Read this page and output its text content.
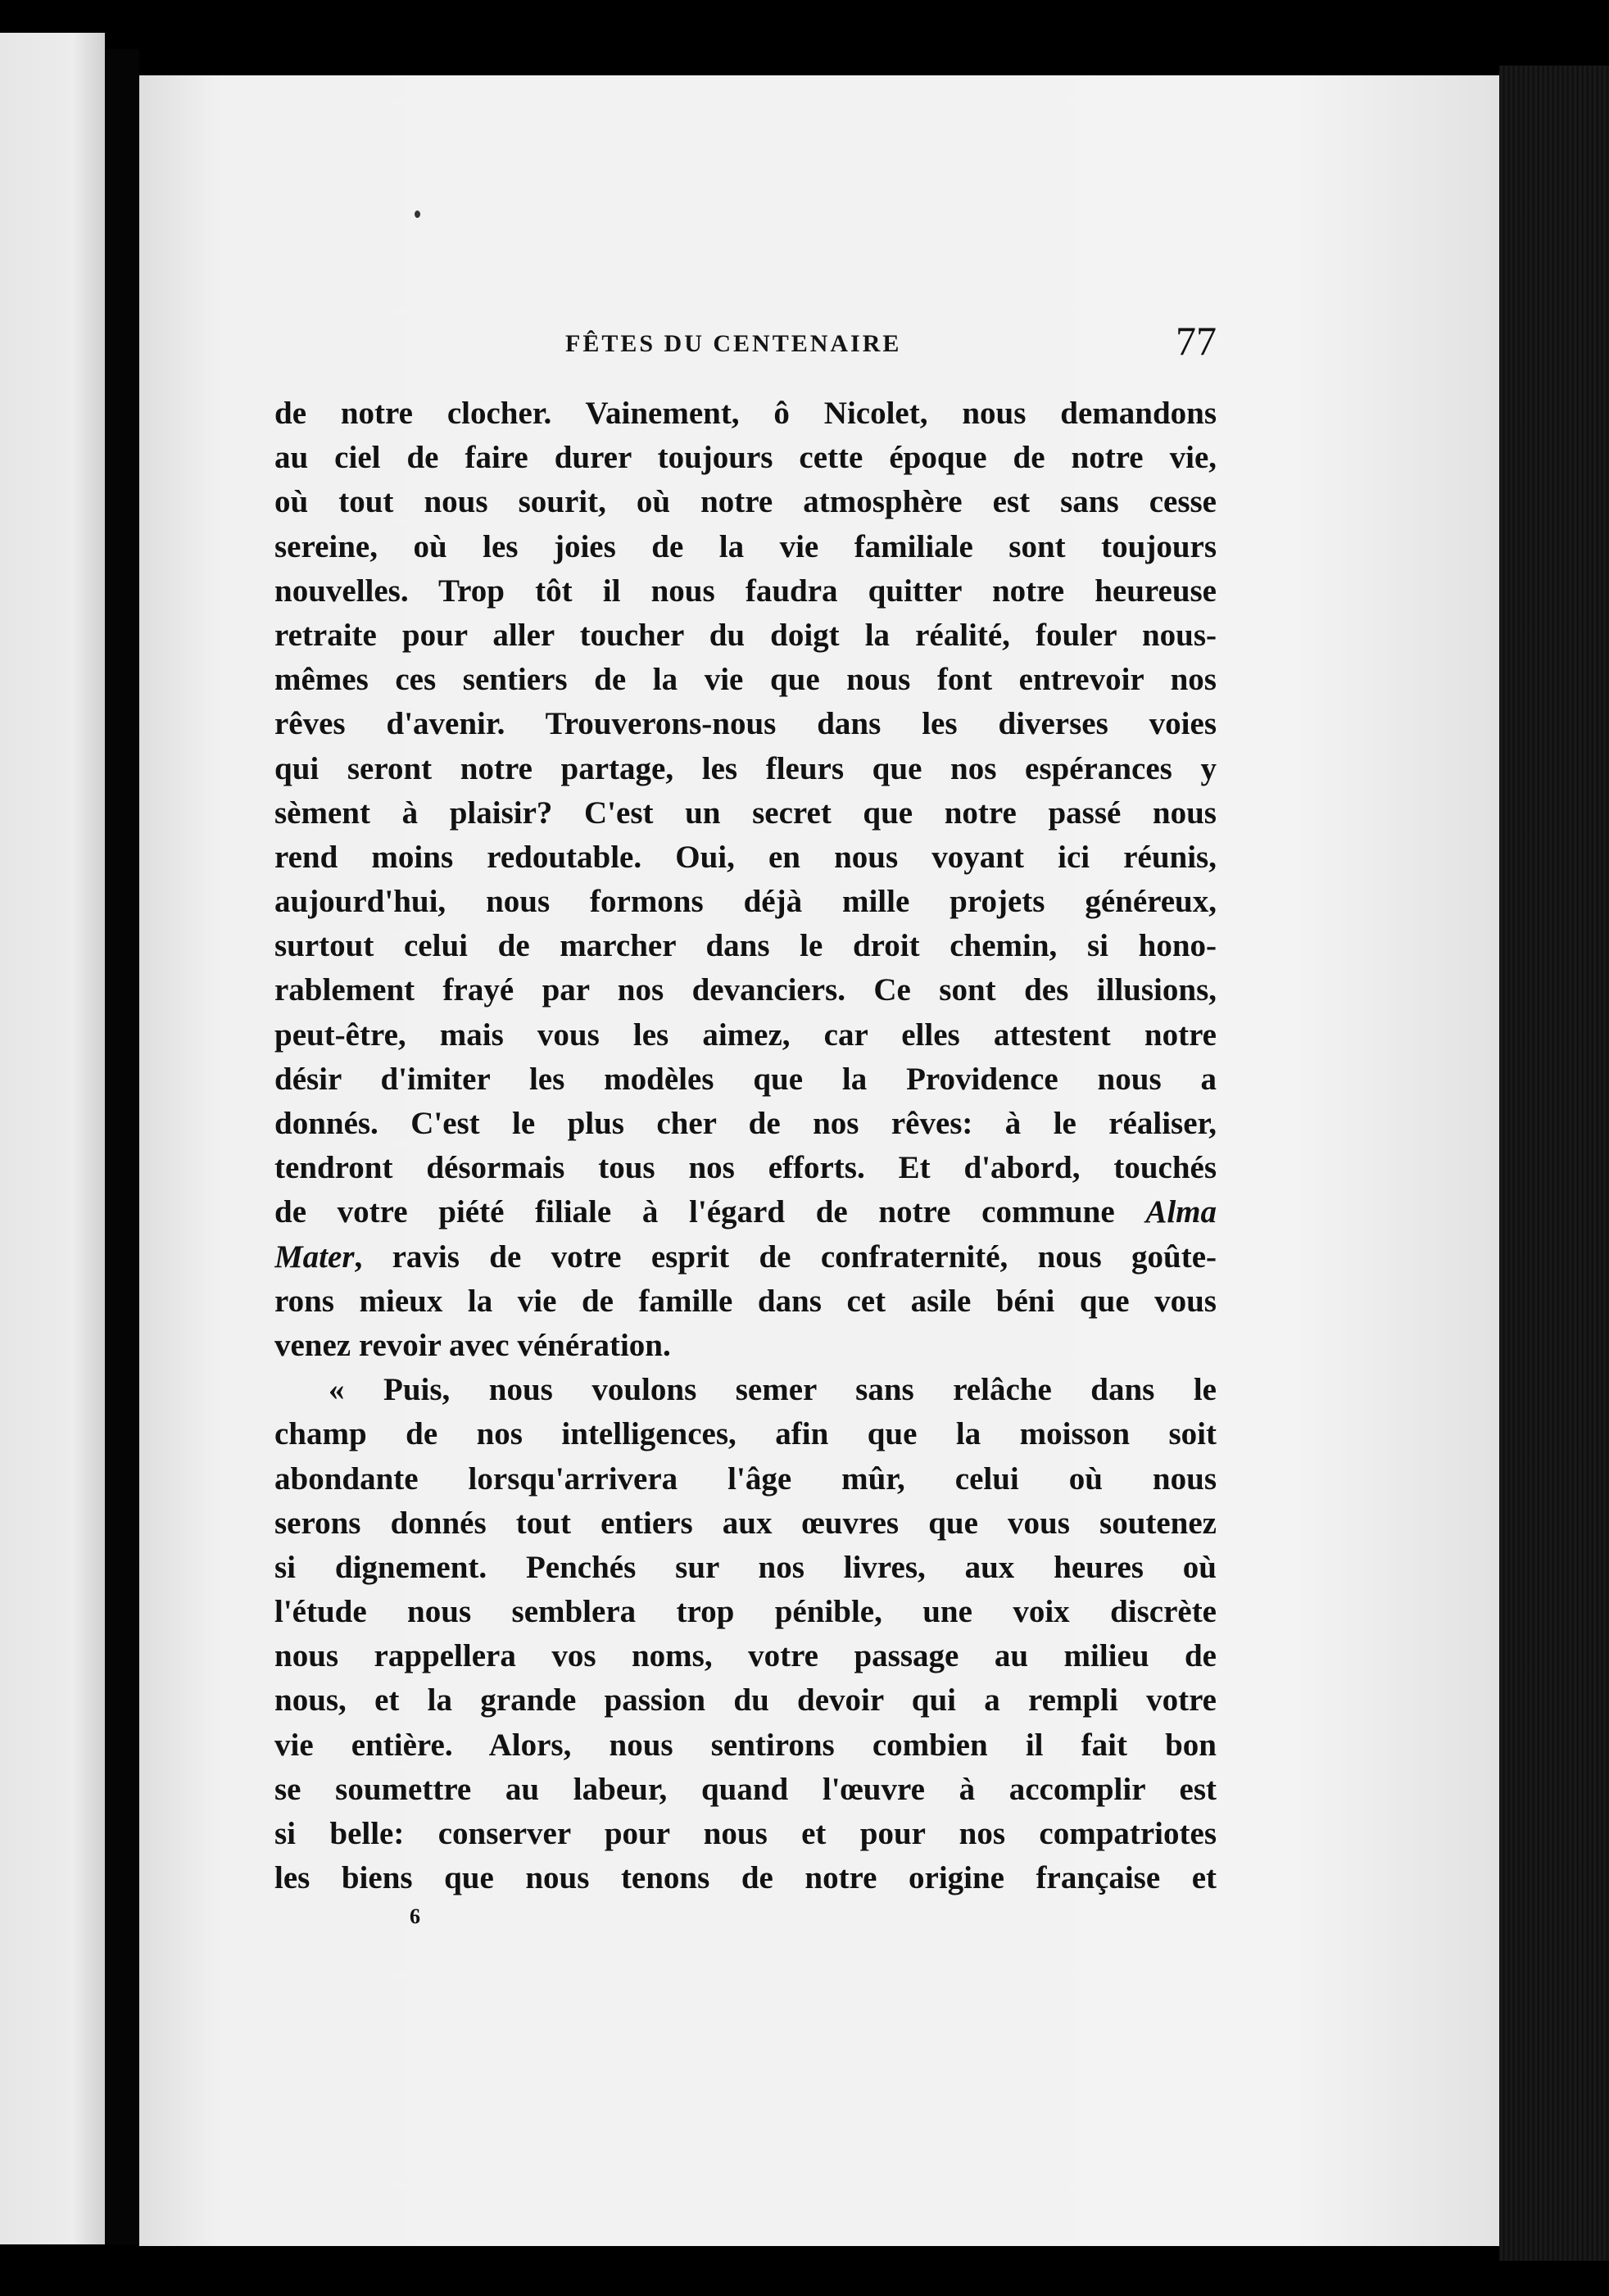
FÊTES DU CENTENAIRE	77
de notre clocher. Vainement, ô Nicolet, nous demandons
au ciel de faire durer toujours cette époque de notre vie,
où tout nous sourit, où notre atmosphère est sans cesse
sereine, où les joies de la vie familiale sont toujours
nouvelles. Trop tôt il nous faudra quitter notre heureuse
retraite pour aller toucher du doigt la réalité, fouler nous-
mêmes ces sentiers de la vie que nous font entrevoir nos
rêves d'avenir. Trouverons-nous dans les diverses voies
qui seront notre partage, les fleurs que nos espérances y
sèment à plaisir? C'est un secret que notre passé nous
rend moins redoutable. Oui, en nous voyant ici réunis,
aujourd'hui, nous formons déjà mille projets généreux,
surtout celui de marcher dans le droit chemin, si hono-
rablement frayé par nos devanciers. Ce sont des illusions,
peut-être, mais vous les aimez, car elles attestent notre
désir d'imiter les modèles que la Providence nous a
donnés. C'est le plus cher de nos rêves: à le réaliser,
tendront désormais tous nos efforts. Et d'abord, touchés
de votre piété filiale à l'égard de notre commune Alma
Mater, ravis de votre esprit de confraternité, nous goûte-
rons mieux la vie de famille dans cet asile béni que vous
venez revoir avec vénération.
« Puis, nous voulons semer sans relâche dans le
champ de nos intelligences, afin que la moisson soit
abondante lorsqu'arrivera l'âge mûr, celui où nous
serons donnés tout entiers aux œuvres que vous soutenez
si dignement. Penchés sur nos livres, aux heures où
l'étude nous semblera trop pénible, une voix discrète
nous rappellera vos noms, votre passage au milieu de
nous, et la grande passion du devoir qui a rempli votre
vie entière. Alors, nous sentirons combien il fait bon
se soumettre au labeur, quand l'œuvre à accomplir est
si belle: conserver pour nous et pour nos compatriotes
les biens que nous tenons de notre origine française et
6
